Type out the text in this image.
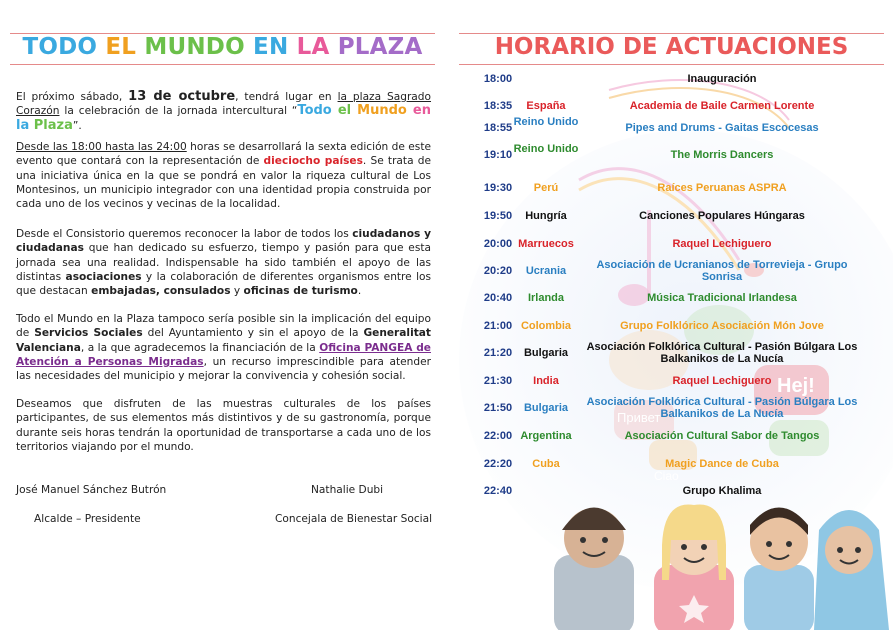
TODO EL MUNDO EN LA PLAZA
El próximo sábado, 13 de octubre, tendrá lugar en la plaza Sagrado Corazón la celebración de la jornada intercultural “Todo el Mundo en la Plaza”.
Desde las 18:00 hasta las 24:00 horas se desarrollará la sexta edición de este evento que contará con la representación de dieciocho países. Se trata de una iniciativa única en la que se pondrá en valor la riqueza cultural de Los Montesinos, un municipio integrador con una identidad propia construida por cada uno de los vecinos y vecinas de la localidad.
Desde el Consistorio queremos reconocer la labor de todos los ciudadanos y ciudadanas que han dedicado su esfuerzo, tiempo y pasión para que esta jornada sea una realidad. Indispensable ha sido también el apoyo de las distintas asociaciones y la colaboración de diferentes organismos entre los que destacan embajadas, consulados y oficinas de turismo.
Todo el Mundo en la Plaza tampoco sería posible sin la implicación del equipo de Servicios Sociales del Ayuntamiento y sin el apoyo de la Generalitat Valenciana, a la que agradecemos la financiación de la Oficina PANGEA de Atención a Personas Migradas, un recurso imprescindible para atender las necesidades del municipio y mejorar la convivencia y cohesión social.
Deseamos que disfruten de las muestras culturales de los países participantes, de sus elementos más distintivos y de su gastronomía, porque durante seis horas tendrán la oportunidad de transportarse a cada uno de los territorios viajando por el mundo.
José Manuel Sánchez Butrón
Alcalde – Presidente
Nathalie Dubi
Concejala de Bienestar Social
Hej!
Привет
Ciao
HORARIO DE ACTUACIONES
18:00	Inauguración
18:35	España	Academia de Baile Carmen Lorente
18:55 Reino Unido	Pipes and Drums - Gaitas Escocesas
19:10 Reino Unido	The Morris Dancers
19:30	Perú	Raíces Peruanas ASPRA
19:50	Hungría	Canciones Populares Húngaras
20:00 Marruecos	Raquel Lechiguero
20:20	Ucrania	Asociación de Ucranianos de Torrevieja - Grupo Sonrisa
20:40	Irlanda	Música Tradicional Irlandesa
21:00 Colombia	Grupo Folklórico Asociación Món Jove
21:20	Bulgaria	Asociación Folklórica Cultural - Pasión Búlgara Los Balkanikos de La Nucía
21:30	India	Raquel Lechiguero
21:50	Bulgaria	Asociación Folklórica Cultural - Pasión Búlgara Los Balkanikos de La Nucía
22:00 Argentina	Asociación Cultural Sabor de Tangos
22:20	Cuba	Magic Dance de Cuba
22:40	Grupo Khalima
